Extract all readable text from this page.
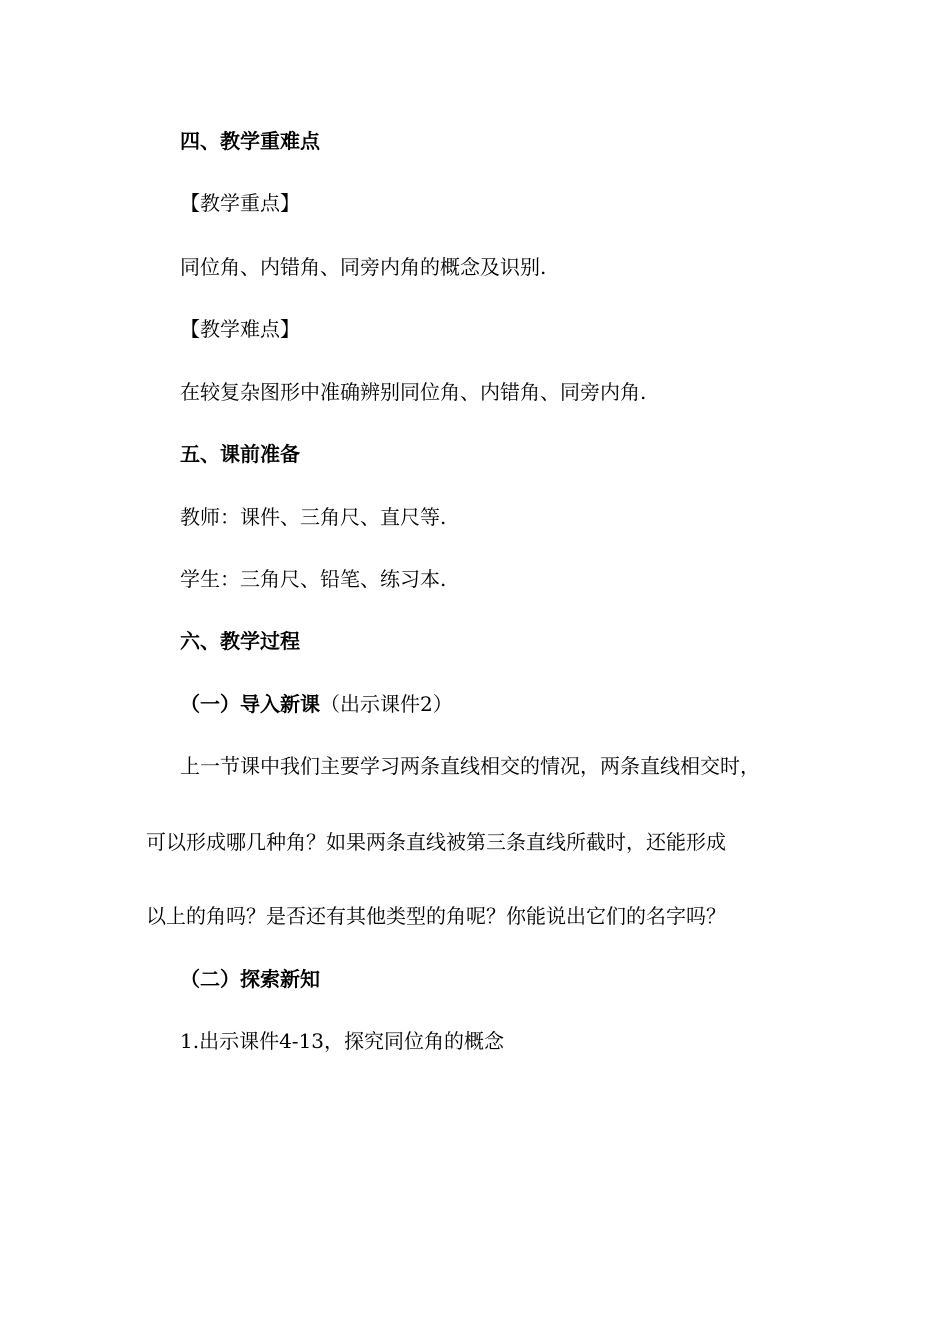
四、教学重难点
【教学重点】
同位角、内错角、同旁内角的概念及识别.
【教学难点】
在较复杂图形中准确辨别同位角、内错角、同旁内角.
五、课前准备
教师：课件、三角尺、直尺等.
学生：三角尺、铅笔、练习本.
六、教学过程
（一）导入新课（出示课件2）
上一节课中我们主要学习两条直线相交的情况，两条直线相交时，
可以形成哪几种角？如果两条直线被第三条直线所截时，还能形成
以上的角吗？是否还有其他类型的角呢？你能说出它们的名字吗？
（二）探索新知
1.出示课件4-13，探究同位角的概念
